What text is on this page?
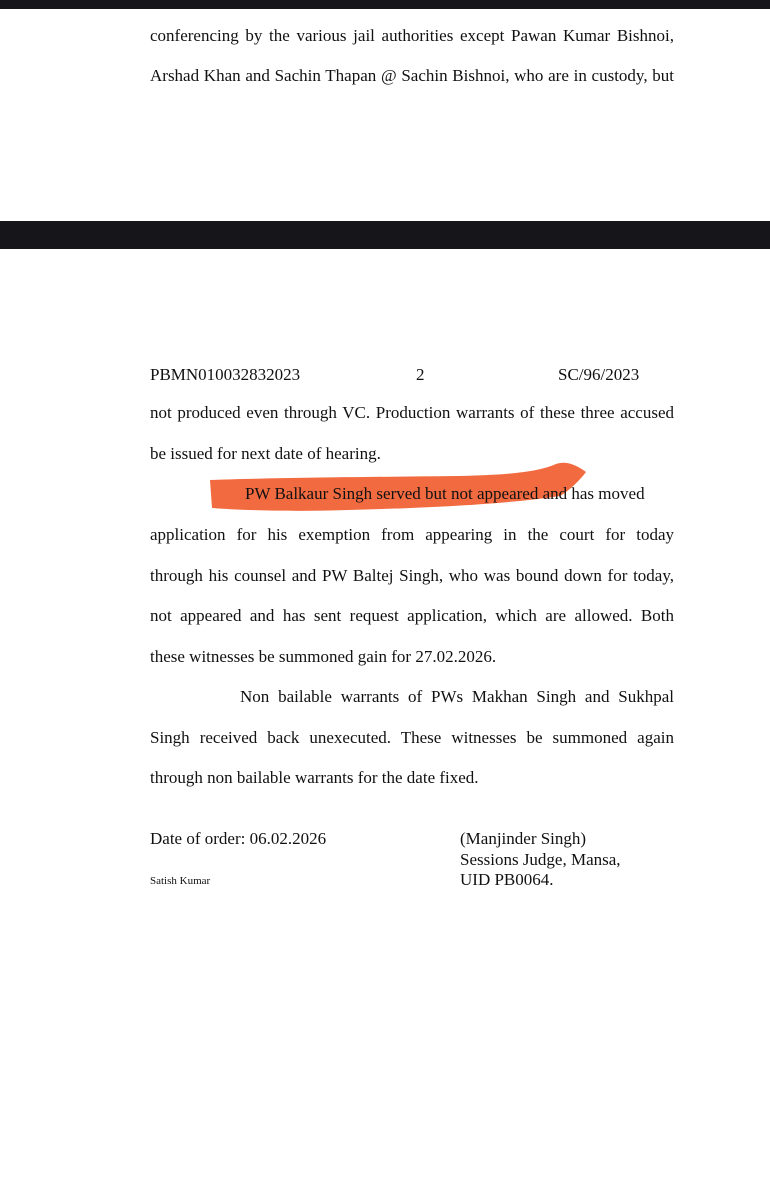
conferencing by the various jail authorities except Pawan Kumar Bishnoi,
Arshad Khan and Sachin Thapan @ Sachin Bishnoi, who are in custody, but
PBMN010032832023	2	SC/96/2023
not produced even through VC. Production warrants of these three accused
be issued for next date of hearing.
PW Balkaur Singh served but not appeared and has moved
application for his exemption from appearing in the court for today
through his counsel and PW Baltej Singh, who was bound down for today,
not appeared and has sent request application, which are allowed. Both
these witnesses be summoned gain for 27.02.2026.
Non bailable warrants of PWs Makhan Singh and Sukhpal
Singh received back unexecuted. These witnesses be summoned again
through non bailable warrants for the date fixed.
Date of order: 06.02.2026	(Manjinder Singh)
Sessions Judge, Mansa,
UID PB0064.
Satish Kumar
